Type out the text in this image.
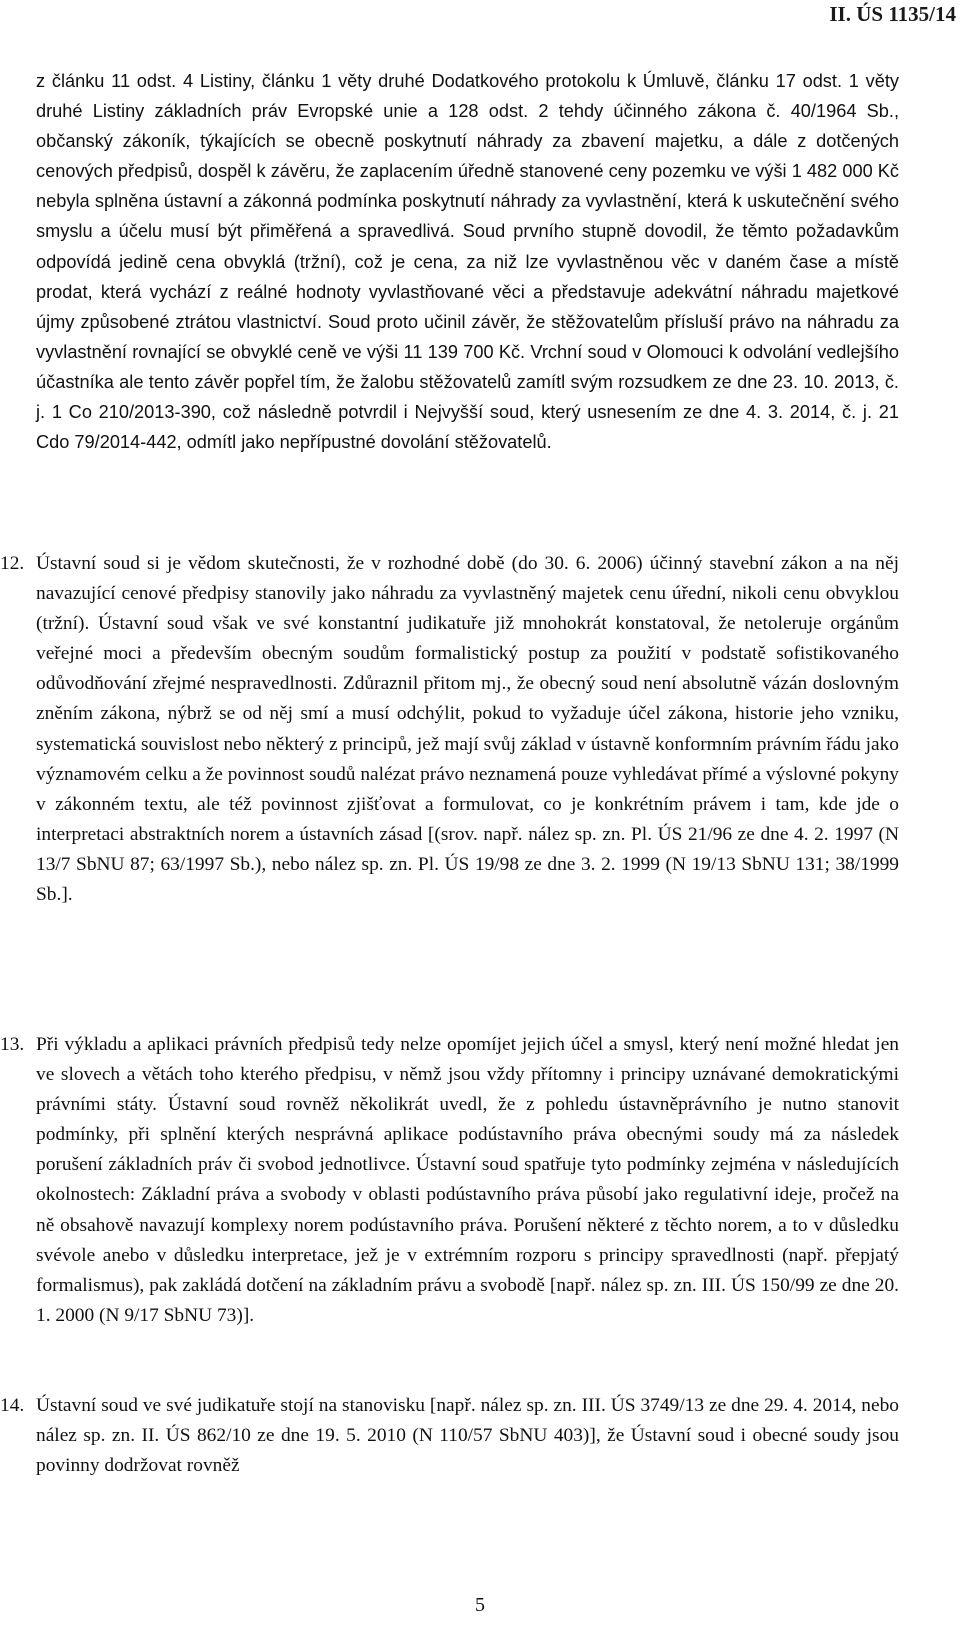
II. ÚS 1135/14

z článku 11 odst. 4 Listiny, článku 1 věty druhé Dodatkového protokolu k Úmluvě, článku 17 odst. 1 věty druhé Listiny základních práv Evropské unie a 128 odst. 2 tehdy účinného zákona č. 40/1964 Sb., občanský zákoník, týkajících se obecně poskytnutí náhrady za zbavení majetku, a dále z dotčených cenových předpisů, dospěl k závěru, že zaplacením úředně stanovené ceny pozemku ve výši 1 482 000 Kč nebyla splněna ústavní a zákonná podmínka poskytnutí náhrady za vyvlastnění, která k uskutečnění svého smyslu a účelu musí být přiměřená a spravedlivá. Soud prvního stupně dovodil, že těmto požadavkům odpovídá jedině cena obvyklá (tržní), což je cena, za niž lze vyvlastněnou věc v daném čase a místě prodat, která vychází z reálné hodnoty vyvlastňované věci a představuje adekvátní náhradu majetkové újmy způsobené ztrátou vlastnictví. Soud proto učinil závěr, že stěžovatelům přísluší právo na náhradu za vyvlastnění rovnající se obvyklé ceně ve výši 11 139 700 Kč. Vrchní soud v Olomouci k odvolání vedlejšího účastníka ale tento závěr popřel tím, že žalobu stěžovatelů zamítl svým rozsudkem ze dne 23. 10. 2013, č. j. 1 Co 210/2013-390, což následně potvrdil i Nejvyšší soud, který usnesením ze dne 4. 3. 2014, č. j. 21 Cdo 79/2014-442, odmítl jako nepřípustné dovolání stěžovatelů.

12. Ústavní soud si je vědom skutečnosti, že v rozhodné době (do 30. 6. 2006) účinný stavební zákon a na něj navazující cenové předpisy stanovily jako náhradu za vyvlastněný majetek cenu úřední, nikoli cenu obvyklou (tržní). Ústavní soud však ve své konstantní judikatuře již mnohokrát konstatoval, že netoleruje orgánům veřejné moci a především obecným soudům formalistický postup za použití v podstatě sofistikovaného odůvodňování zřejmé nespravedlnosti. Zdůraznil přitom mj., že obecný soud není absolutně vázán doslovným zněním zákona, nýbrž se od něj smí a musí odchýlit, pokud to vyžaduje účel zákona, historie jeho vzniku, systematická souvislost nebo některý z principů, jež mají svůj základ v ústavně konformním právním řádu jako významovém celku a že povinnost soudů nalézat právo neznamená pouze vyhledávat přímé a výslovné pokyny v zákonném textu, ale též povinnost zjišťovat a formulovat, co je konkrétním právem i tam, kde jde o interpretaci abstraktních norem a ústavních zásad [(srov. např. nález sp. zn. Pl. ÚS 21/96 ze dne 4. 2. 1997 (N 13/7 SbNU 87; 63/1997 Sb.), nebo nález sp. zn. Pl. ÚS 19/98 ze dne 3. 2. 1999 (N 19/13 SbNU 131; 38/1999 Sb.].
13. Při výkladu a aplikaci právních předpisů tedy nelze opomíjet jejich účel a smysl, který není možné hledat jen ve slovech a větách toho kterého předpisu, v němž jsou vždy přítomny i principy uznávané demokratickými právními státy. Ústavní soud rovněž několikrát uvedl, že z pohledu ústavněprávního je nutno stanovit podmínky, při splnění kterých nesprávná aplikace podústavního práva obecnými soudy má za následek porušení základních práv či svobod jednotlivce. Ústavní soud spatřuje tyto podmínky zejména v následujících okolnostech: Základní práva a svobody v oblasti podústavního práva působí jako regulativní ideje, pročež na ně obsahově navazují komplexy norem podústavního práva. Porušení některé z těchto norem, a to v důsledku svévole anebo v důsledku interpretace, jež je v extrémním rozporu s principy spravedlnosti (např. přepjatý formalismus), pak zakládá dotčení na základním právu a svobodě [např. nález sp. zn. III. ÚS 150/99 ze dne 20. 1. 2000 (N 9/17 SbNU 73)].
14. Ústavní soud ve své judikatuře stojí na stanovisku [např. nález sp. zn. III. ÚS 3749/13 ze dne 29. 4. 2014, nebo nález sp. zn. II. ÚS 862/10 ze dne 19. 5. 2010 (N 110/57 SbNU 403)], že Ústavní soud i obecné soudy jsou povinny dodržovat rovněž
5
